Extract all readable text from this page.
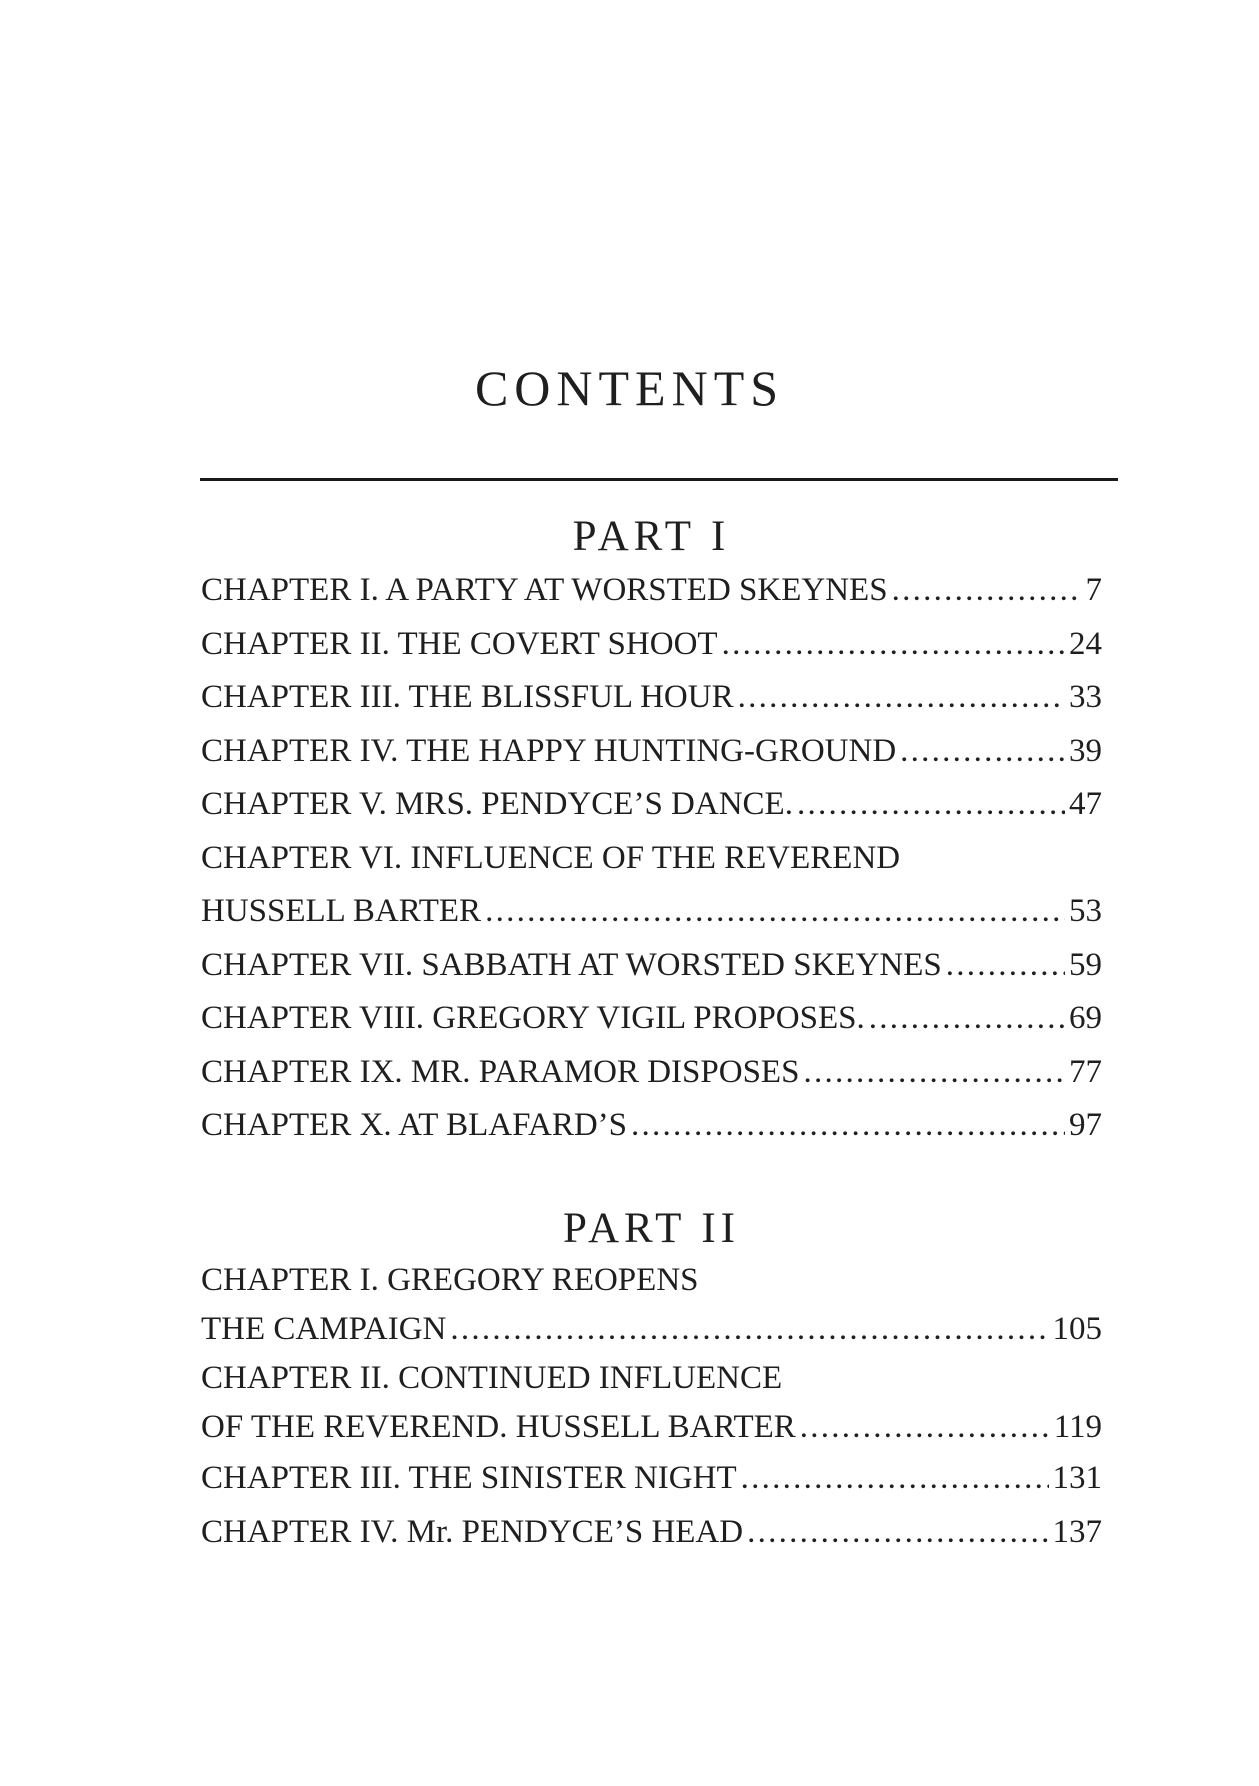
CONTENTS
PART I
CHAPTER I. A PARTY AT WORSTED SKEYNES . . .	7
CHAPTER II. THE COVERT SHOOT . . .	24
CHAPTER III. THE BLISSFUL HOUR . . .	33
CHAPTER IV. THE HAPPY HUNTING-GROUND . . .	39
CHAPTER V. MRS. PENDYCE’S DANCE. . . .	47
CHAPTER VI. INFLUENCE OF THE REVEREND
HUSSELL BARTER . . .	53
CHAPTER VII. SABBATH AT WORSTED SKEYNES . . .	59
CHAPTER VIII. GREGORY VIGIL PROPOSES. . . .	69
CHAPTER IX. MR. PARAMOR DISPOSES . . .	77
CHAPTER X. AT BLAFARD’S . . .	97
PART II
CHAPTER I. GREGORY REOPENS
THE CAMPAIGN . . .	105
CHAPTER II. CONTINUED INFLUENCE
OF THE REVEREND. HUSSELL BARTER . . .	119
CHAPTER III. THE SINISTER NIGHT . . .	131
CHAPTER IV. Mr. PENDYCE’S HEAD . . .	137
